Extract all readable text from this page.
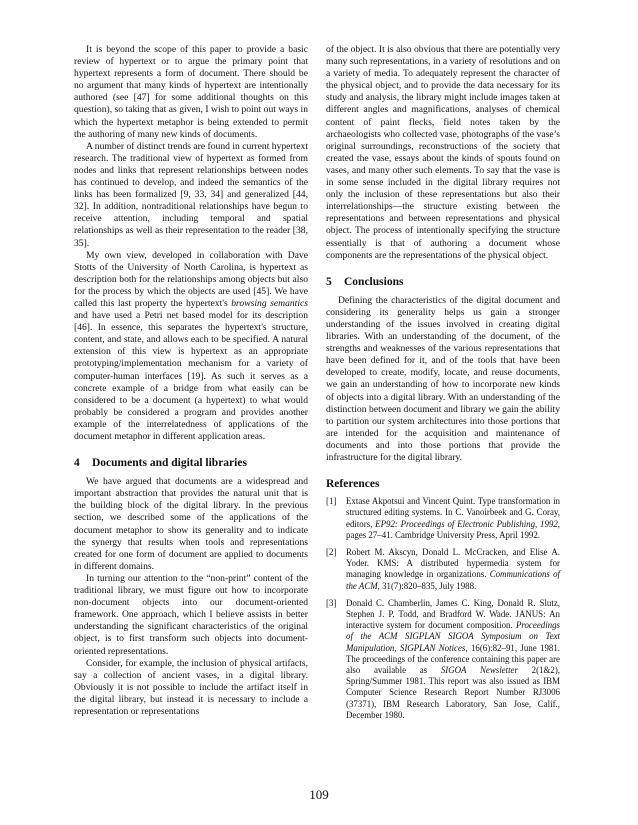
It is beyond the scope of this paper to provide a basic review of hypertext or to argue the primary point that hypertext represents a form of document. There should be no argument that many kinds of hypertext are intentionally authored (see [47] for some additional thoughts on this question), so taking that as given, I wish to point out ways in which the hypertext metaphor is being extended to permit the authoring of many new kinds of documents.

A number of distinct trends are found in current hypertext research. The traditional view of hypertext as formed from nodes and links that represent relationships between nodes has continued to develop, and indeed the semantics of the links has been formalized [9, 33, 34] and generalized [44, 32]. In addition, nontraditional relationships have begun to receive attention, including temporal and spatial relationships as well as their representation to the reader [38, 35].

My own view, developed in collaboration with Dave Stotts of the University of North Carolina, is hypertext as description both for the relationships among objects but also for the process by which the objects are used [45]. We have called this last property the hypertext's browsing semantics and have used a Petri net based model for its description [46]. In essence, this separates the hypertext's structure, content, and state, and allows each to be specified. A natural extension of this view is hypertext as an appropriate prototyping/implementation mechanism for a variety of computer-human interfaces [19]. As such it serves as a concrete example of a bridge from what easily can be considered to be a document (a hypertext) to what would probably be considered a program and provides another example of the interrelatedness of applications of the document metaphor in different application areas.

4 Documents and digital libraries

We have argued that documents are a widespread and important abstraction that provides the natural unit that is the building block of the digital library. In the previous section, we described some of the applications of the document metaphor to show its generality and to indicate the synergy that results when tools and representations created for one form of document are applied to documents in different domains.

In turning our attention to the “non-print” content of the traditional library, we must figure out how to incorporate non-document objects into our document-oriented framework. One approach, which I believe assists in better understanding the significant characteristics of the original object, is to first transform such objects into document-oriented representations.

Consider, for example, the inclusion of physical artifacts, say a collection of ancient vases, in a digital library. Obviously it is not possible to include the artifact itself in the digital library, but instead it is necessary to include a representation or representations

of the object. It is also obvious that there are potentially very many such representations, in a variety of resolutions and on a variety of media. To adequately represent the character of the physical object, and to provide the data necessary for its study and analysis, the library might include images taken at different angles and magnifications, analyses of chemical content of paint flecks, field notes taken by the archaeologists who collected vase, photographs of the vase’s original surroundings, reconstructions of the society that created the vase, essays about the kinds of spouts found on vases, and many other such elements. To say that the vase is in some sense included in the digital library requires not only the inclusion of these representations but also their interrelationships—the structure existing between the representations and between representations and physical object. The process of intentionally specifying the structure essentially is that of authoring a document whose components are the representations of the physical object.

5 Conclusions

Defining the characteristics of the digital document and considering its generality helps us gain a stronger understanding of the issues involved in creating digital libraries. With an understanding of the document, of the strengths and weaknesses of the various representations that have been defined for it, and of the tools that have been developed to create, modify, locate, and reuse documents, we gain an understanding of how to incorporate new kinds of objects into a digital library. With an understanding of the distinction between document and library we gain the ability to partition our system architectures into those portions that are intended for the acquisition and maintenance of documents and into those portions that provide the infrastructure for the digital library.

References
[1]	Extase Akpotsui and Vincent Quint. Type transformation in structured editing systems. In C. Vanoirbeek and G. Coray, editors, EP92: Proceedings of Electronic Publishing, 1992, pages 27–41. Cambridge University Press, April 1992.
[2]	Robert M. Akscyn, Donald L. McCracken, and Elise A. Yoder. KMS: A distributed hypermedia system for managing knowledge in organizations. Communications of the ACM, 31(7):820–835, July 1988.
[3]	Donald C. Chamberlin, James C. King, Donald R. Slutz, Stephen J. P. Todd, and Bradford W. Wade. JANUS: An interactive system for document composition. Proceedings of the ACM SIGPLAN SIGOA Symposium on Text Manipulation, SIGPLAN Notices, 16(6):82–91, June 1981. The proceedings of the conference containing this paper are also available as SIGOA Newsletter 2(1&2), Spring/Summer 1981. This report was also issued as IBM Computer Science Research Report Number RJ3006 (37371), IBM Research Laboratory, San Jose, Calif., December 1980.
109
